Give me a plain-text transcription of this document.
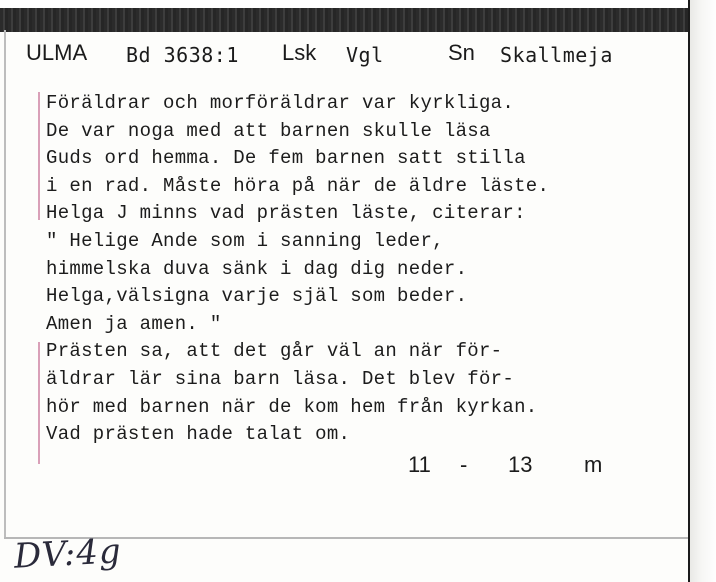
ULMA Bd 3638:1 Lsk Vgl	Sn Skallmeja
Föräldrar och morföräldrar var kyrkliga.
De var noga med att barnen skulle läsa
Guds ord hemma. De fem barnen satt stilla
i en rad. Måste höra på när de äldre läste.
Helga J minns vad prästen läste, citerar:
" Helige Ande som i sanning leder,
himmelska duva sänk i dag dig neder.
Helga,välsigna varje själ som beder.
Amen ja amen. "
Prästen sa, att det går väl an när för-
äldrar lär sina barn läsa. Det blev för-
hör med barnen när de kom hem från kyrkan.
Vad prästen hade talat om.
11 - 13 m
DV:4g
